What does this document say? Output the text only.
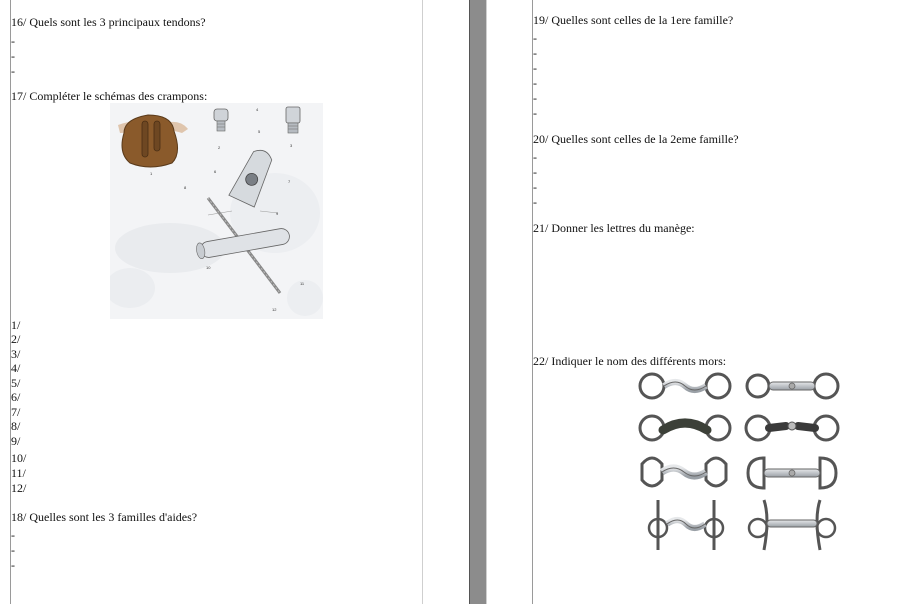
16/ Quels sont les 3 principaux tendons?
-
-
-
17/ Compléter le schémas des crampons:
1
2	3
4
5
6
7
8
9
10
11
12
1/
2/
3/
4/
5/
6/
7/
8/
9/
10/
11/
12/
18/ Quelles sont les 3 familles d'aides?
-
-
-
19/ Quelles sont celles de la 1ere famille?
-
-
-
-
-
-
20/ Quelles sont celles de la 2eme famille?
-
-
-
-
21/ Donner les lettres du manège:
22/ Indiquer le nom des différents mors:
